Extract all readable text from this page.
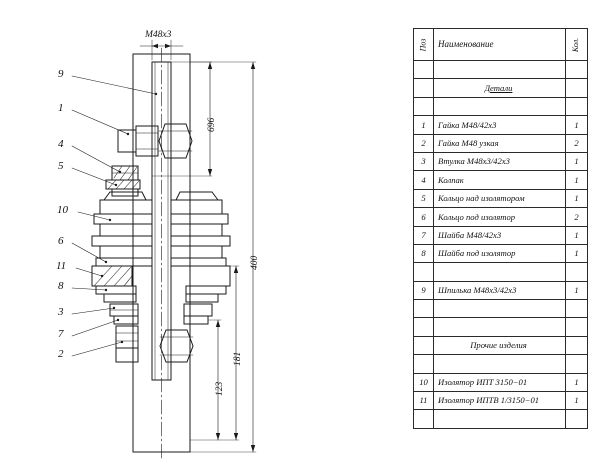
9
1
4
5
10
6
11
8
3
7
2
M48x3
696
400
181
123
Поз	Наименование	Кол.

	Детали	

1	Гайка М48/42х3	1
2	Гайка М48 узкая	2
3	Втулка М48х3/42х3	1
4	Колпак	1
5	Кольцо над изолятором	1
6	Кольцо под изолятор	2
7	Шайба М48/42х3	1
8	Шайба под изолятор	1

9	Шпилька М48х3/42х3	1

	Прочие изделия	

10	Изолятор ИПТ 3150−01	1
11	Изолятор ИПТВ 1/3150−01	1
